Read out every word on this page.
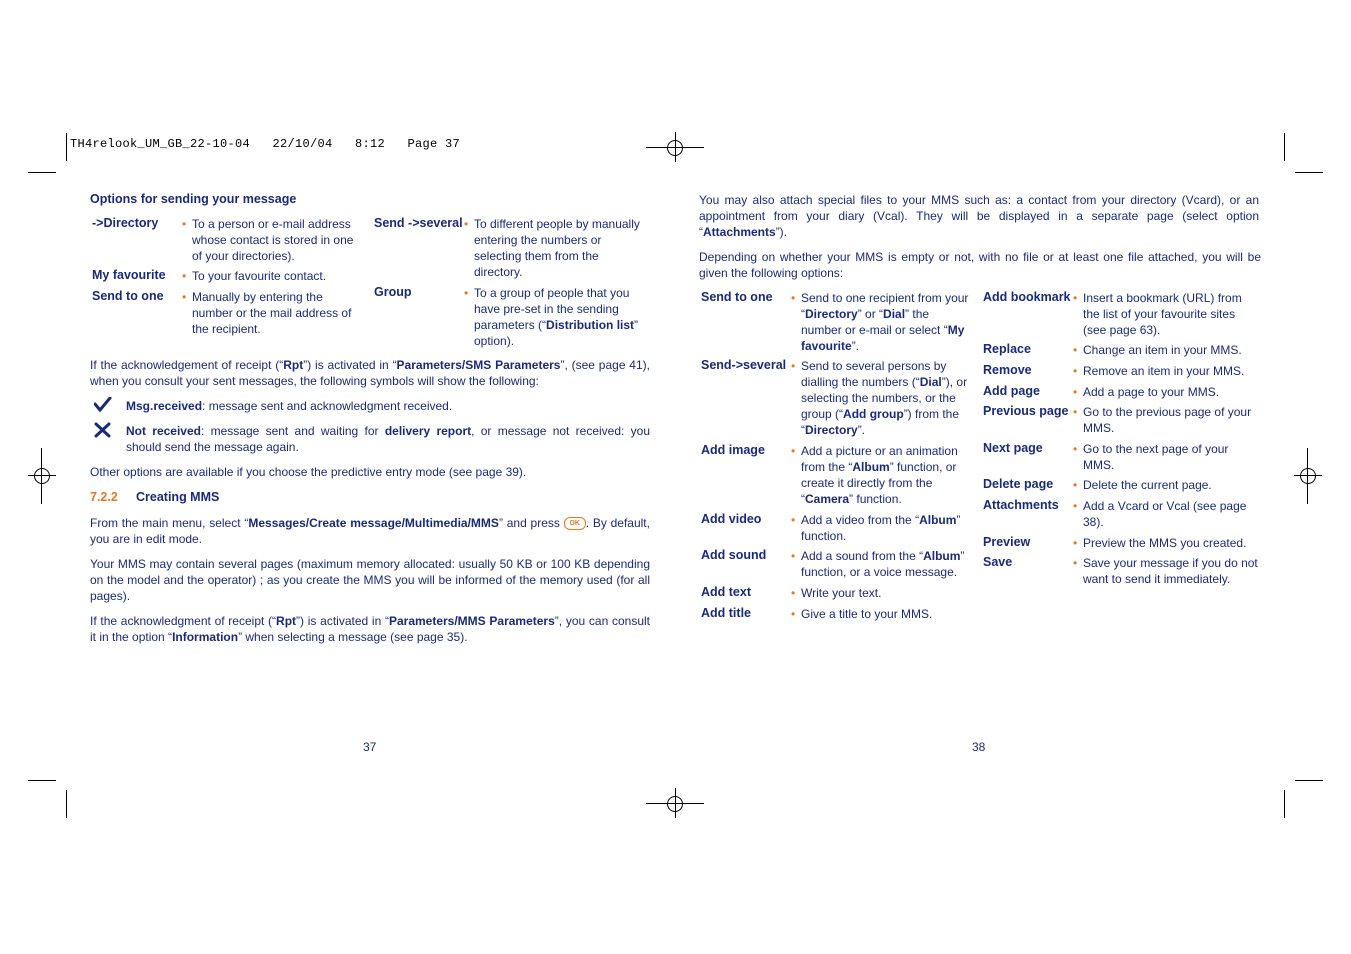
TH4relook_UM_GB_22-10-04   22/10/04   8:12   Page 37
Options for sending your message
->Directory • To a person or e-mail address whose contact is stored in one of your directories).
My favourite • To your favourite contact.
Send to one • Manually by entering the number or the mail address of the recipient.
Send ->several • To different people by manually entering the numbers or selecting them from the directory.
Group	• To a group of people that you have pre-set in the sending parameters (“Distribution list” option).
If the acknowledgement of receipt (“Rpt”) is activated in “Parameters/SMS Parameters”, (see page 41), when you consult your sent messages, the following symbols will show the following:
Msg.received: message sent and acknowledgment received.
Not received: message sent and waiting for delivery report, or message not received: you should send the message again.
Other options are available if you choose the predictive entry mode (see page 39).
7.2.2 Creating MMS
From the main menu, select “Messages/Create message/Multimedia/MMS” and press OK . By default, you are in edit mode.
Your MMS may contain several pages (maximum memory allocated: usually 50 KB or 100 KB depending on the model and the operator) ; as you create the MMS you will be informed of the memory used (for all pages).
If the acknowledgment of receipt (“Rpt”) is activated in “Parameters/MMS Parameters”, you can consult it in the option “Information” when selecting a message (see page 35).
37
You may also attach special files to your MMS such as: a contact from your directory (Vcard), or an appointment from your diary (Vcal). They will be displayed in a separate page (select option “Attachments”).
Depending on whether your MMS is empty or not, with no file or at least one file attached, you will be given the following options:
Send to one • Send to one recipient from your “Directory” or “Dial” the number or e-mail or select “My favourite”.
Send->several • Send to several persons by dialling the numbers (“Dial”), or selecting the numbers, or the group (“Add group”) from the “Directory”.
Add image • Add a picture or an animation from the “Album” function, or create it directly from the “Camera” function.
Add video • Add a video from the “Album” function.
Add sound • Add a sound from the “Album” function, or a voice message.
Add text	• Write your text.
Add title	• Give a title to your MMS.
Add bookmark • Insert a bookmark (URL) from the list of your favourite sites (see page 63).
Replace	• Change an item in your MMS.
Remove	• Remove an item in your MMS.
Add page	• Add a page to your MMS.
Previous page • Go to the previous page of your MMS.
Next page	• Go to the next page of your MMS.
Delete page • Delete the current page.
Attachments • Add a Vcard or Vcal (see page 38).
Preview	• Preview the MMS you created.
Save	• Save your message if you do not want to send it immediately.
38
